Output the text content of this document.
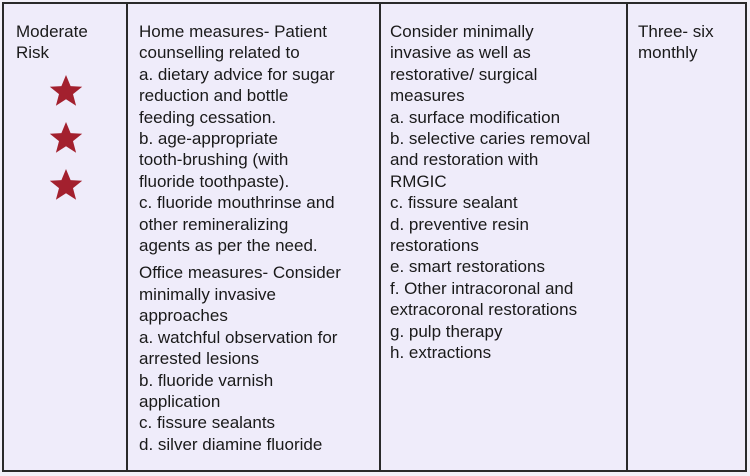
Moderate
Risk
Home measures- Patient
counselling related to
a. dietary advice for sugar
reduction and bottle
feeding cessation.
b. age-appropriate
tooth-brushing (with
fluoride toothpaste).
c. fluoride mouthrinse and
other remineralizing
agents as per the need.
Office measures- Consider
minimally invasive
approaches
a. watchful observation for
arrested lesions
b. fluoride varnish
application
c. fissure sealants
d. silver diamine fluoride
Consider minimally
invasive as well as
restorative/ surgical
measures
a. surface modification
b. selective caries removal
and restoration with
RMGIC
c. fissure sealant
d. preventive resin
restorations
e. smart restorations
f. Other intracoronal and
extracoronal restorations
g. pulp therapy
h. extractions
Three- six
monthly
